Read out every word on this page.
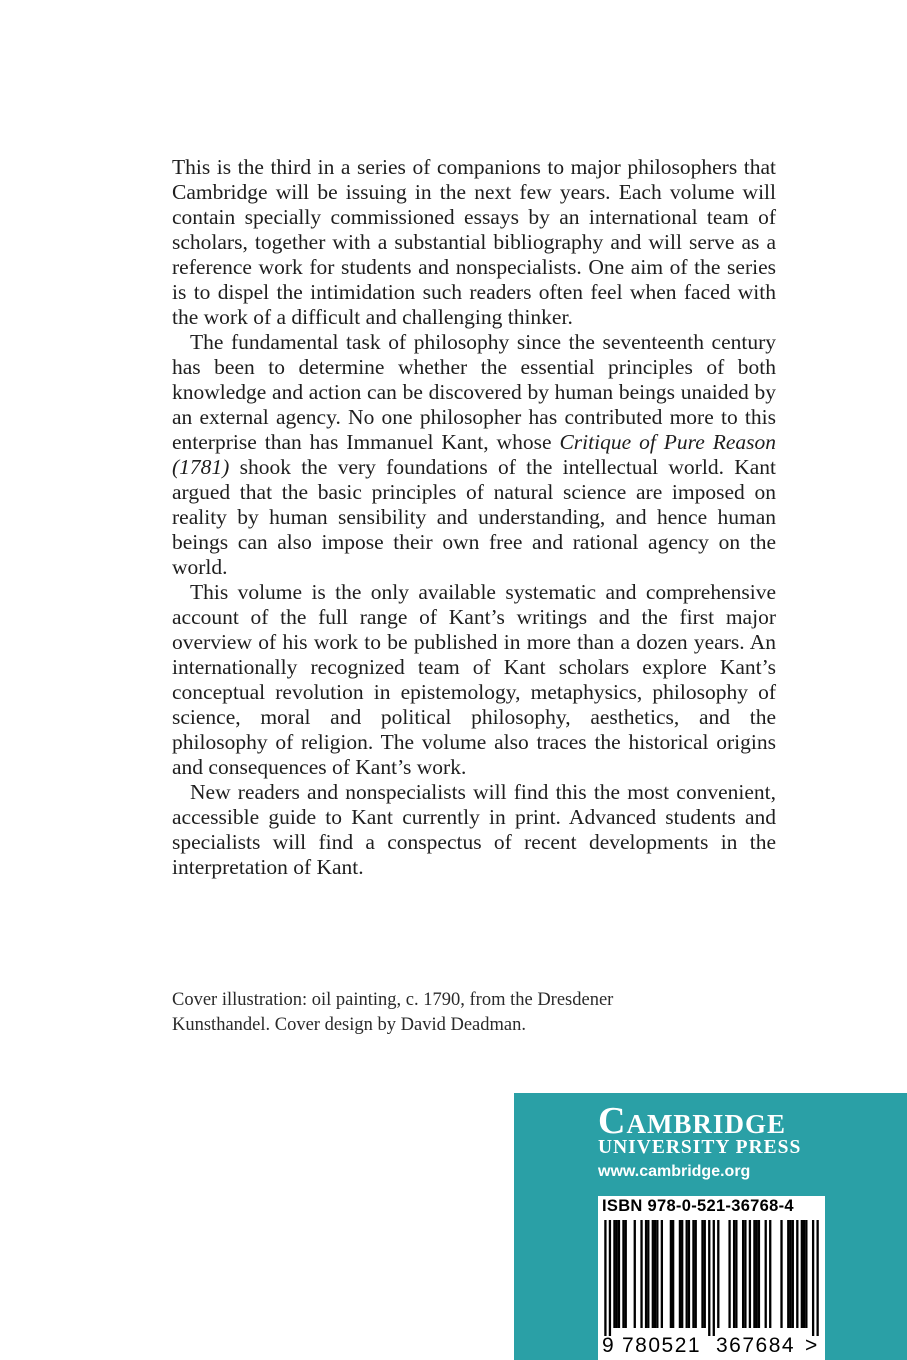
This is the third in a series of companions to major philosophers that Cambridge will be issuing in the next few years. Each volume will contain specially commissioned essays by an international team of scholars, together with a substantial bibliography and will serve as a reference work for students and nonspecialists. One aim of the series is to dispel the intimidation such readers often feel when faced with the work of a difficult and challenging thinker.

The fundamental task of philosophy since the seventeenth century has been to determine whether the essential principles of both knowledge and action can be discovered by human beings unaided by an external agency. No one philosopher has contributed more to this enterprise than has Immanuel Kant, whose Critique of Pure Reason (1781) shook the very foundations of the intellectual world. Kant argued that the basic principles of natural science are imposed on reality by human sensibility and understanding, and hence human beings can also impose their own free and rational agency on the world.

This volume is the only available systematic and comprehensive account of the full range of Kant’s writings and the first major overview of his work to be published in more than a dozen years. An internationally recognized team of Kant scholars explore Kant’s conceptual revolution in epistemology, metaphysics, philosophy of science, moral and political philosophy, aesthetics, and the philosophy of religion. The volume also traces the historical origins and consequences of Kant’s work.

New readers and nonspecialists will find this the most convenient, accessible guide to Kant currently in print. Advanced students and specialists will find a conspectus of recent developments in the interpretation of Kant.

Cover illustration: oil painting, c. 1790, from the Dresdener

Kunsthandel. Cover design by David Deadman.

Cambridge
UNIVERSITY PRESS
www.cambridge.org
ISBN 978-0-521-36768-4
9 780521 367684 >
